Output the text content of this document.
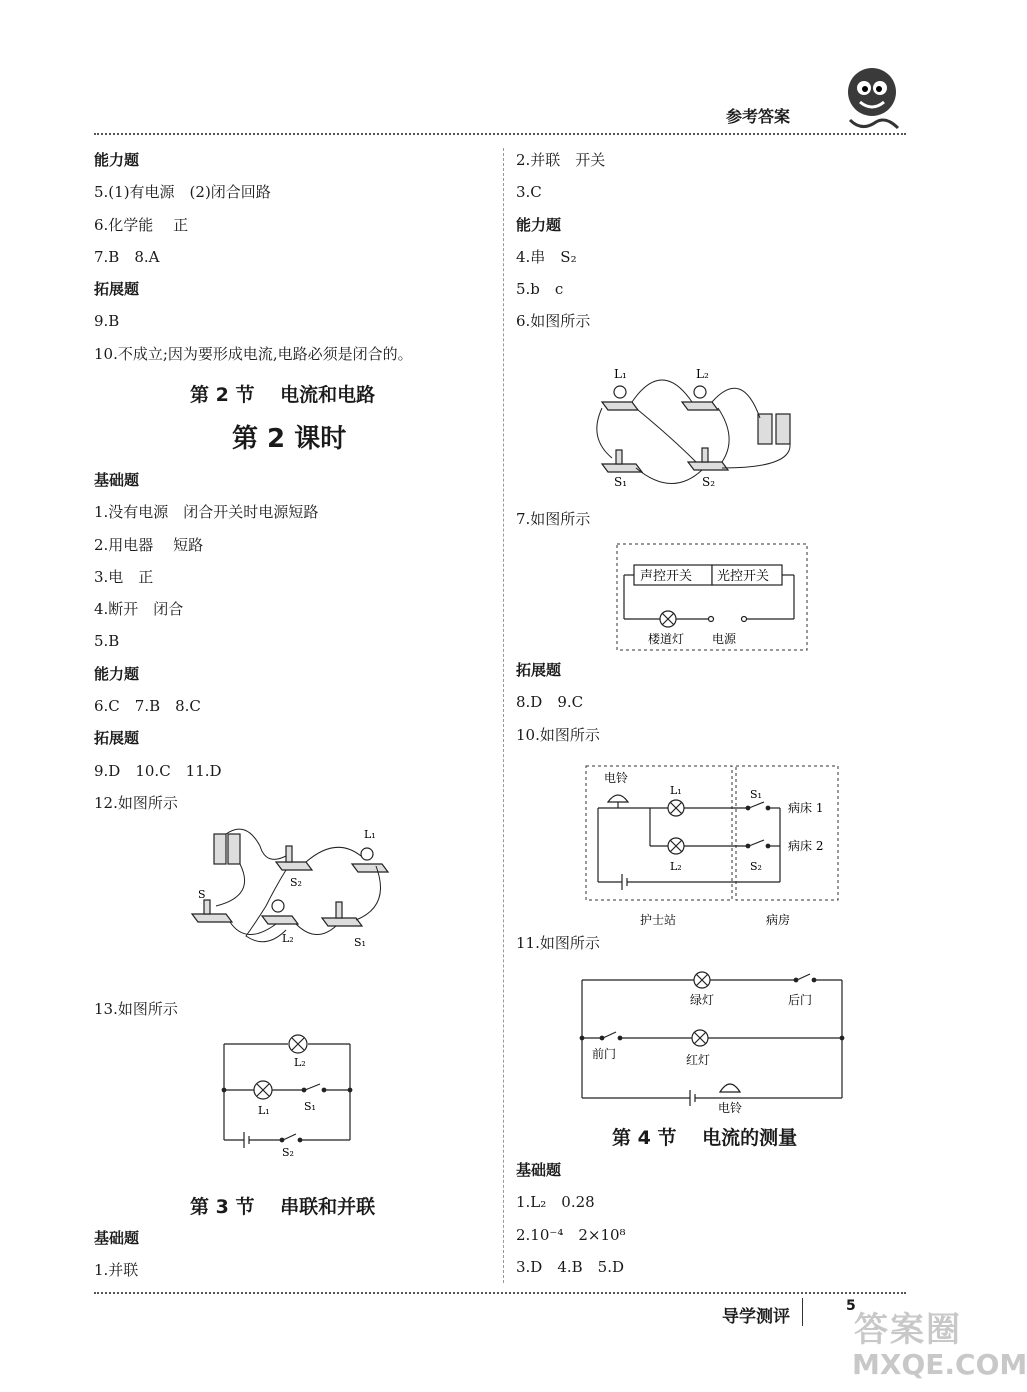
参考答案
能力题
5.(1)有电源　(2)闭合回路
6.化学能　 正
7.B　8.A
拓展题
9.B
10.不成立;因为要形成电流,电路必须是闭合的。
第 2 节　 电流和电路
第 2 课时
基础题
1.没有电源　闭合开关时电源短路
2.用电器　 短路
3.电　正
4.断开　闭合
5.B
能力题
6.C　7.B　8.C
拓展题
9.D　10.C　11.D
12.如图所示
L₁
S
S₂
L₂	S₁
13.如图所示
L₂
L₁	S₁
S₂
第 3 节　 串联和并联
基础题
1.并联
2.并联　开关
3.C
能力题
4.串　S₂
5.b　c
6.如图所示
L₁	L₂
S₁	S₂
7.如图所示
声控开关 光控开关
楼道灯 电源
拓展题
8.D　9.C
10.如图所示
电铃
L₁
L₂
S₁
S₂
病床 1
病床 2
护士站	病房
11.如图所示
绿灯	后门
前门	红灯
电铃
第 4 节　 电流的测量
基础题
1.L₂　0.28
2.10⁻⁴　2×10⁸
3.D　4.B　5.D
导学测评
5
答案圈
MXQE.COM
